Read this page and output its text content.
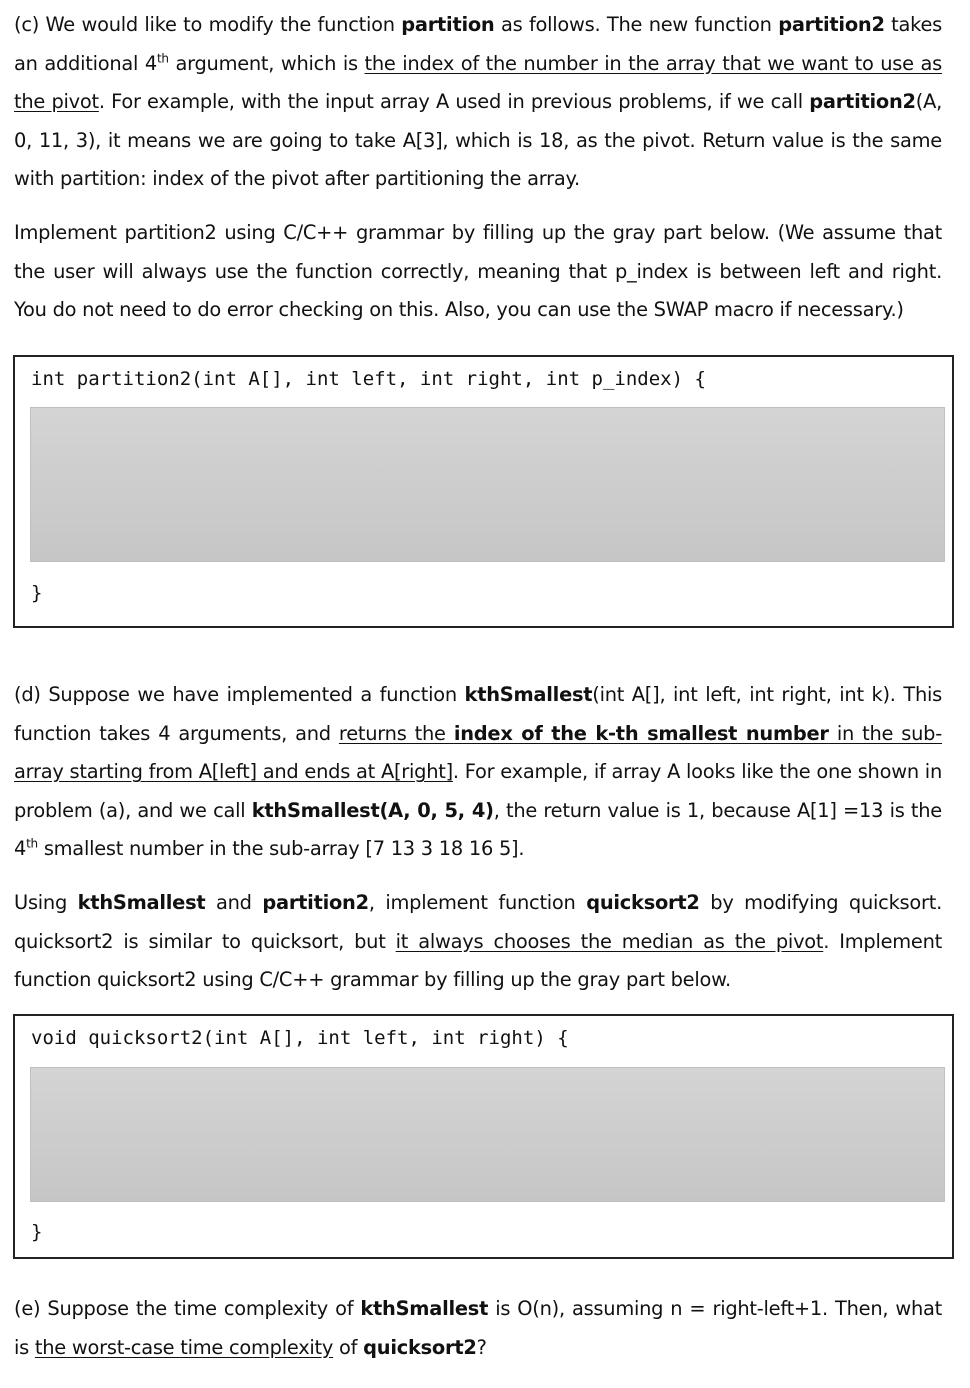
(c) We would like to modify the function partition as follows. The new function partition2 takes an additional 4th argument, which is the index of the number in the array that we want to use as the pivot. For example, with the input array A used in previous problems, if we call partition2(A, 0, 11, 3), it means we are going to take A[3], which is 18, as the pivot. Return value is the same with partition: index of the pivot after partitioning the array.

Implement partition2 using C/C++ grammar by filling up the gray part below. (We assume that the user will always use the function correctly, meaning that p_index is between left and right. You do not need to do error checking on this. Also, you can use the SWAP macro if necessary.)

int partition2(int A[], int left, int right, int p_index) {
}

(d) Suppose we have implemented a function kthSmallest(int A[], int left, int right, int k). This function takes 4 arguments, and returns the index of the k-th smallest number in the sub-array starting from A[left] and ends at A[right]. For example, if array A looks like the one shown in problem (a), and we call kthSmallest(A, 0, 5, 4), the return value is 1, because A[1] =13 is the 4th smallest number in the sub-array [7 13 3 18 16 5].

Using kthSmallest and partition2, implement function quicksort2 by modifying quicksort. quicksort2 is similar to quicksort, but it always chooses the median as the pivot. Implement function quicksort2 using C/C++ grammar by filling up the gray part below.

void quicksort2(int A[], int left, int right) {
}

(e) Suppose the time complexity of kthSmallest is O(n), assuming n = right-left+1. Then, what is the worst-case time complexity of quicksort2?
